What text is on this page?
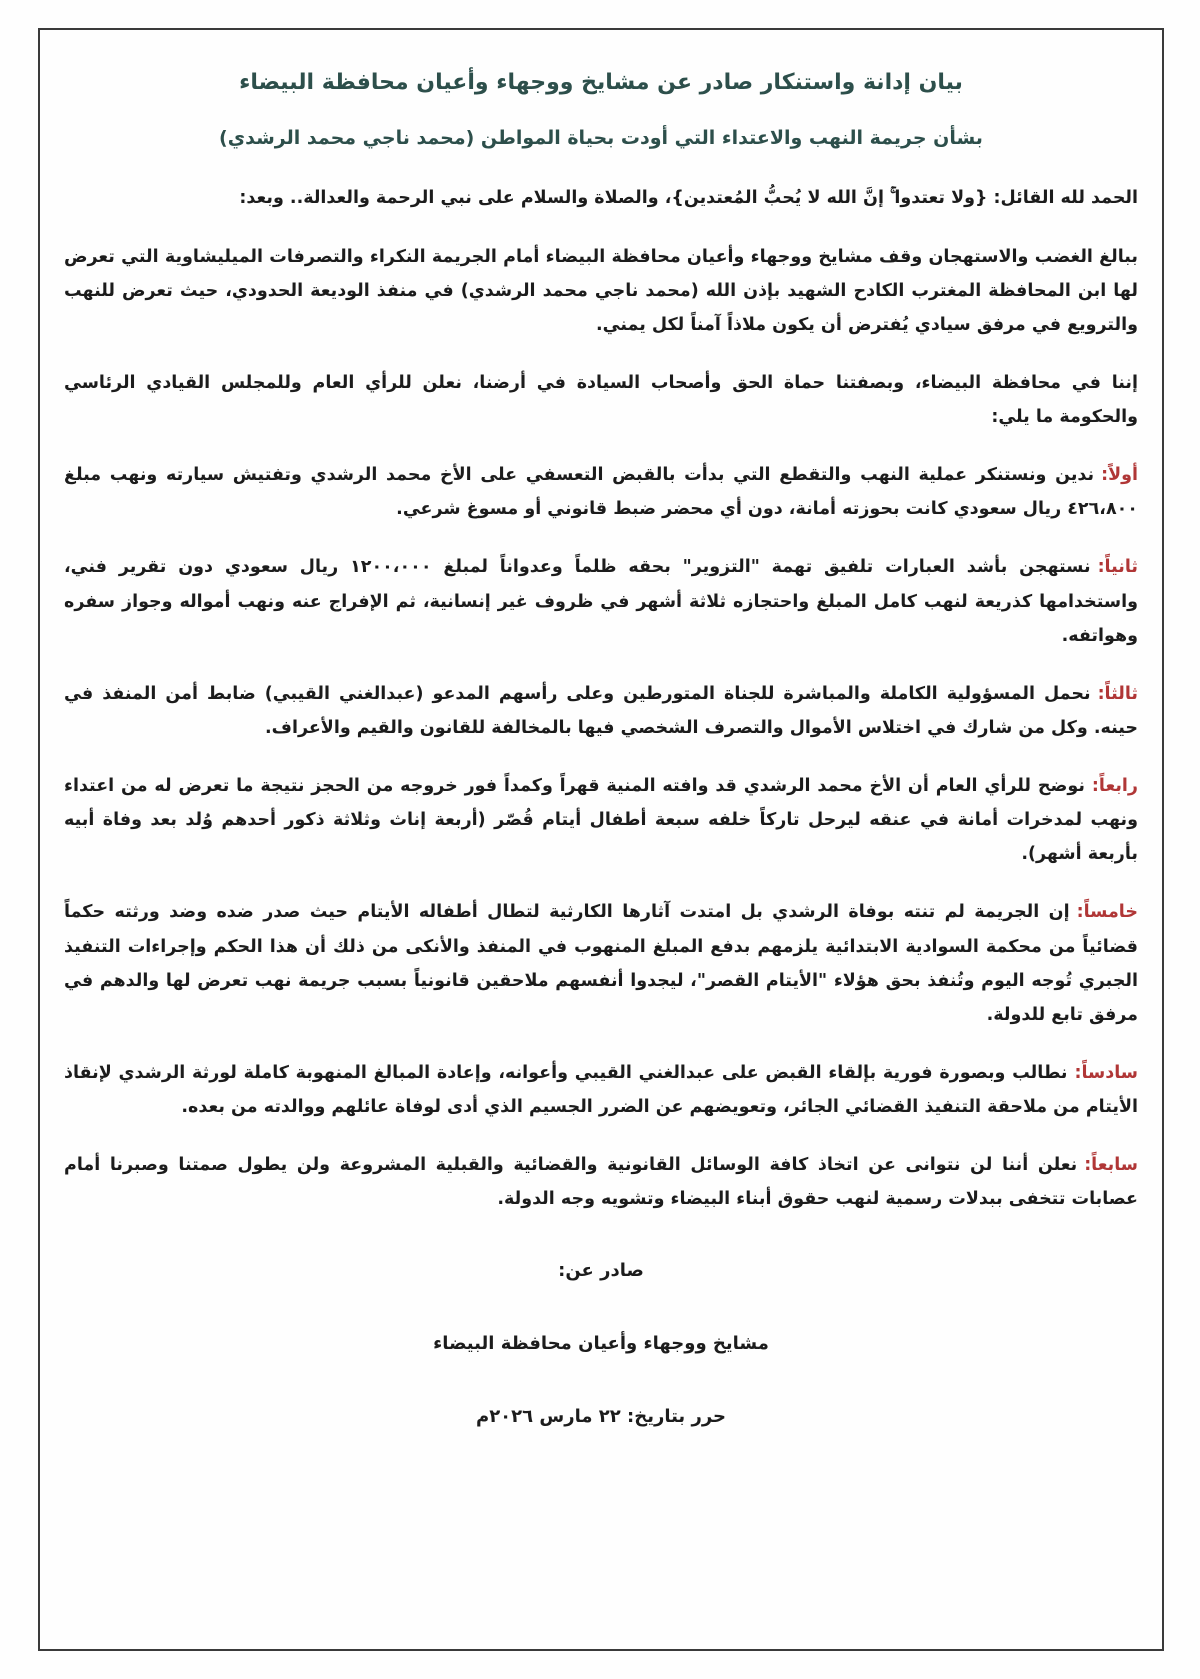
بيان إدانة واستنكار صادر عن مشايخ ووجهاء وأعيان محافظة البيضاء
بشأن جريمة النهب والاعتداء التي أودت بحياة المواطن (محمد ناجي محمد الرشدي)

الحمد لله القائل: {ولا تعتدوا ۚ إنَّ الله لا يُحبُّ المُعتدين}، والصلاة والسلام على نبي الرحمة والعدالة.. وبعد:

ببالغ الغضب والاستهجان وقف مشايخ ووجهاء وأعيان محافظة البيضاء أمام الجريمة النكراء والتصرفات الميليشاوية التي تعرض لها ابن المحافظة المغترب الكادح الشهيد بإذن الله (محمد ناجي محمد الرشدي) في منفذ الوديعة الحدودي، حيث تعرض للنهب والترويع في مرفق سيادي يُفترض أن يكون ملاذاً آمناً لكل يمني.

إننا في محافظة البيضاء، وبصفتنا حماة الحق وأصحاب السيادة في أرضنا، نعلن للرأي العام وللمجلس القيادي الرئاسي والحكومة ما يلي:

أولاً:ندين ونستنكر عملية النهب والتقطع التي بدأت بالقبض التعسفي على الأخ محمد الرشدي وتفتيش سيارته ونهب مبلغ ٤٢٦،٨٠٠ ريال سعودي كانت بحوزته أمانة، دون أي محضر ضبط قانوني أو مسوغ شرعي.

ثانياً:نستهجن بأشد العبارات تلفيق تهمة "التزوير" بحقه ظلماً وعدواناً لمبلغ ١٢٠٠،٠٠٠ ريال سعودي دون تقرير فني، واستخدامها كذريعة لنهب كامل المبلغ واحتجازه ثلاثة أشهر في ظروف غير إنسانية، ثم الإفراج عنه ونهب أمواله وجواز سفره وهواتفه.

ثالثاً:نحمل المسؤولية الكاملة والمباشرة للجناة المتورطين وعلى رأسهم المدعو (عبدالغني القيبي) ضابط أمن المنفذ في حينه. وكل من شارك في اختلاس الأموال والتصرف الشخصي فيها بالمخالفة للقانون والقيم والأعراف.

رابعاً:نوضح للرأي العام أن الأخ محمد الرشدي قد وافته المنية قهراً وكمداً فور خروجه من الحجز نتيجة ما تعرض له من اعتداء ونهب لمدخرات أمانة في عنقه ليرحل تاركاً خلفه سبعة أطفال أيتام قُصّر (أربعة إناث وثلاثة ذكور أحدهم وُلد بعد وفاة أبيه بأربعة أشهر).

خامساً:إن الجريمة لم تنته بوفاة الرشدي بل امتدت آثارها الكارثية لتطال أطفاله الأيتام حيث صدر ضده وضد ورثته حكماً قضائياً من محكمة السوادية الابتدائية يلزمهم بدفع المبلغ المنهوب في المنفذ والأنكى من ذلك أن هذا الحكم وإجراءات التنفيذ الجبري تُوجه اليوم وتُنفذ بحق هؤلاء "الأيتام القصر"، ليجدوا أنفسهم ملاحقين قانونياً بسبب جريمة نهب تعرض لها والدهم في مرفق تابع للدولة.

سادساً:نطالب وبصورة فورية بإلقاء القبض على عبدالغني القيبي وأعوانه، وإعادة المبالغ المنهوبة كاملة لورثة الرشدي لإنقاذ الأيتام من ملاحقة التنفيذ القضائي الجائر، وتعويضهم عن الضرر الجسيم الذي أدى لوفاة عائلهم ووالدته من بعده.

سابعاً:نعلن أننا لن نتوانى عن اتخاذ كافة الوسائل القانونية والقضائية والقبلية المشروعة ولن يطول صمتنا وصبرنا أمام عصابات تتخفى ببدلات رسمية لنهب حقوق أبناء البيضاء وتشويه وجه الدولة.

صادر عن:

مشايخ ووجهاء وأعيان محافظة البيضاء

حرر بتاريخ: ٢٢ مارس ٢٠٢٦م
